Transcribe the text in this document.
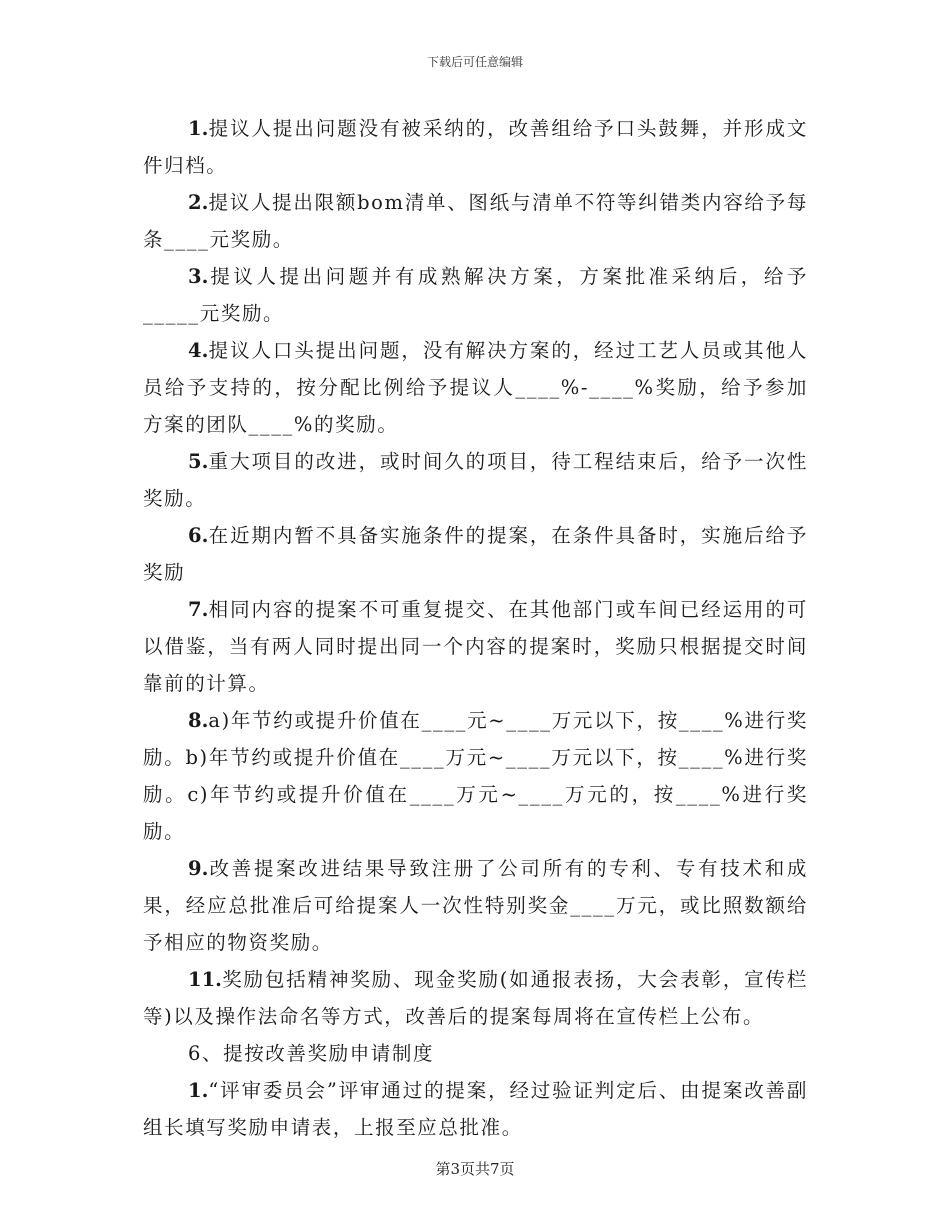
下载后可任意编辑

1.提议人提出问题没有被采纳的，改善组给予口头鼓舞，并形成文件归档。

2.提议人提出限额bom清单、图纸与清单不符等纠错类内容给予每条____元奖励。

3.提议人提出问题并有成熟解决方案，方案批准采纳后，给予_____元奖励。

4.提议人口头提出问题，没有解决方案的，经过工艺人员或其他人员给予支持的，按分配比例给予提议人____%-____%奖励，给予参加方案的团队____%的奖励。

5.重大项目的改进，或时间久的项目，待工程结束后，给予一次性奖励。

6.在近期内暂不具备实施条件的提案，在条件具备时，实施后给予奖励

7.相同内容的提案不可重复提交、在其他部门或车间已经运用的可以借鉴，当有两人同时提出同一个内容的提案时，奖励只根据提交时间靠前的计算。

8.a)年节约或提升价值在____元~____万元以下，按____%进行奖励。b)年节约或提升价值在____万元~____万元以下，按____%进行奖励。c)年节约或提升价值在____万元~____万元的，按____%进行奖励。

9.改善提案改进结果导致注册了公司所有的专利、专有技术和成果，经应总批准后可给提案人一次性特别奖金____万元，或比照数额给予相应的物资奖励。

11.奖励包括精神奖励、现金奖励(如通报表扬，大会表彰，宣传栏等)以及操作法命名等方式，改善后的提案每周将在宣传栏上公布。

6、提按改善奖励申请制度

1.“评审委员会”评审通过的提案，经过验证判定后、由提案改善副组长填写奖励申请表，上报至应总批准。

第3页共7页
